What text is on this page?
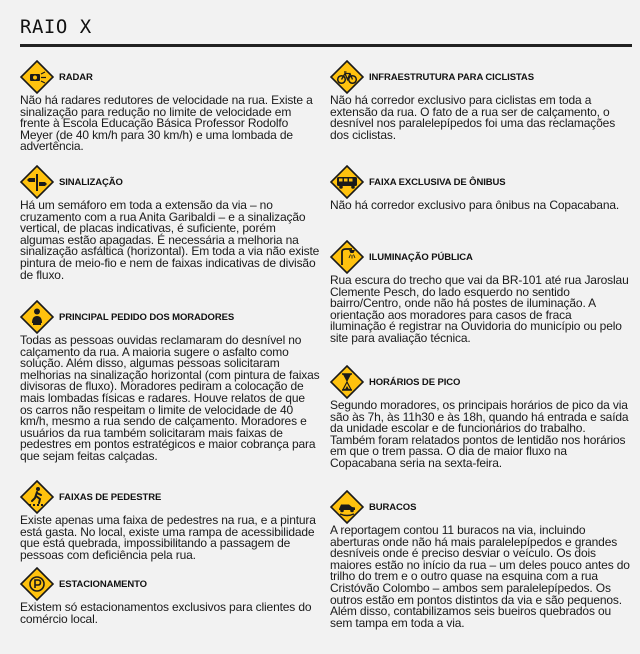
RAIO X
RADAR
Não há radares redutores de velocidade na rua. Existe a sinalização para redução no limite de velocidade em frente à Escola Educação Básica Professor Rodolfo Meyer (de 40 km/h para 30 km/h) e uma lombada de advertência.
SINALIZAÇÃO
Há um semáforo em toda a extensão da via – no cruzamento com a rua Anita Garibaldi – e a sinalização vertical, de placas indicativas, é suficiente, porém algumas estão apagadas. É necessária a melhoria na sinalização asfáltica (horizontal). Em toda a via não existe pintura de meio-fio e nem de faixas indicativas de divisão de fluxo.
PRINCIPAL PEDIDO DOS MORADORES
Todas as pessoas ouvidas reclamaram do desnível no calçamento da rua. A maioria sugere o asfalto como solução. Além disso, algumas pessoas solicitaram melhorias na sinalização horizontal (com pintura de faixas divisoras de fluxo). Moradores pediram a colocação de mais lombadas físicas e radares. Houve relatos de que os carros não respeitam o limite de velocidade de 40 km/h, mesmo a rua sendo de calçamento. Moradores e usuários da rua também solicitaram mais faixas de pedestres em pontos estratégicos e maior cobrança para que sejam feitas calçadas.
FAIXAS DE PEDESTRE
Existe apenas uma faixa de pedestres na rua, e a pintura está gasta. No local, existe uma rampa de acessibilidade que está quebrada, impossibilitando a passagem de pessoas com deficiência pela rua.
ESTACIONAMENTO
Existem só estacionamentos exclusivos para clientes do comércio local.
INFRAESTRUTURA PARA CICLISTAS
Não há corredor exclusivo para ciclistas em toda a extensão da rua. O fato de a rua ser de calçamento, o desnível nos paralelepípedos foi uma das reclamações dos ciclistas.
FAIXA EXCLUSIVA DE ÔNIBUS
Não há corredor exclusivo para ônibus na Copacabana.
ILUMINAÇÃO PÚBLICA
Rua escura do trecho que vai da BR-101 até rua Jaroslau Clemente Pesch, do lado esquerdo no sentido bairro/Centro, onde não há postes de iluminação. A orientação aos moradores para casos de fraca iluminação é registrar na Ouvidoria do município ou pelo site para avaliação técnica.
HORÁRIOS DE PICO
Segundo moradores, os principais horários de pico da via são às 7h, às 11h30 e às 18h, quando há entrada e saída da unidade escolar e de funcionários do trabalho. Também foram relatados pontos de lentidão nos horários em que o trem passa. O dia de maior fluxo na Copacabana seria na sexta-feira.
BURACOS
A reportagem contou 11 buracos na via, incluindo aberturas onde não há mais paralelepípedos e grandes desníveis onde é preciso desviar o veículo. Os dois maiores estão no início da rua – um deles pouco antes do trilho do trem e o outro quase na esquina com a rua Cristóvão Colombo – ambos sem paralelepípedos. Os outros estão em pontos distintos da via e são pequenos. Além disso, contabilizamos seis bueiros quebrados ou sem tampa em toda a via.
